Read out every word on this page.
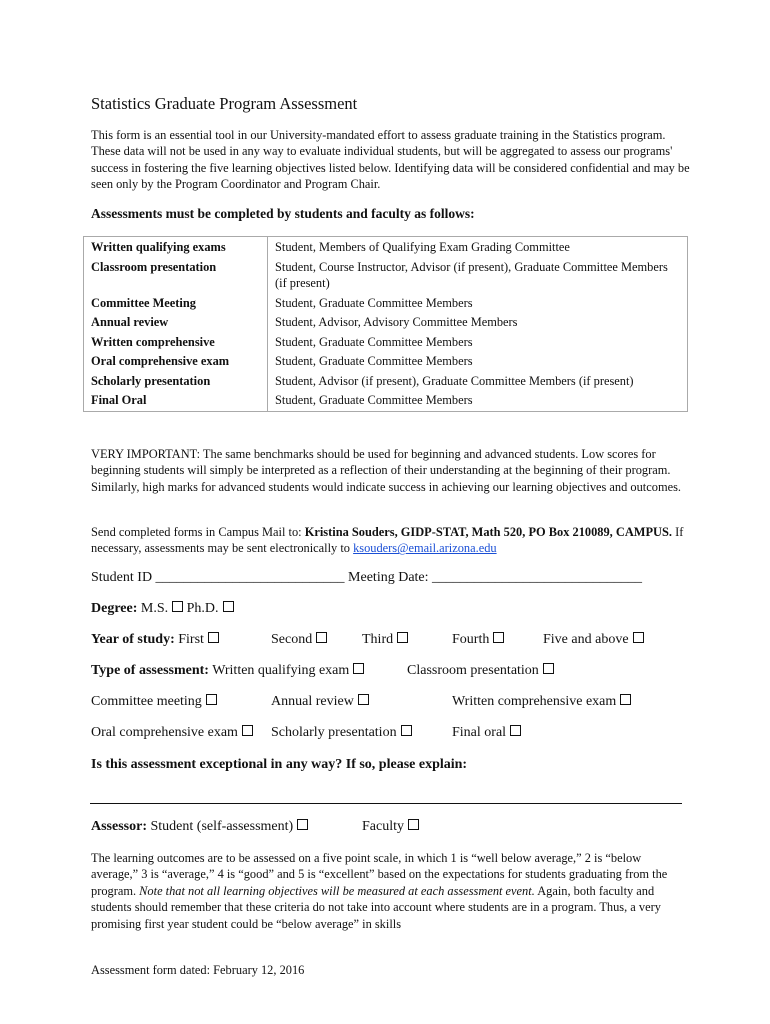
Statistics Graduate Program Assessment
This form is an essential tool in our University-mandated effort to assess graduate training in the Statistics program. These data will not be used in any way to evaluate individual students, but will be aggregated to assess our programs' success in fostering the five learning objectives listed below. Identifying data will be considered confidential and may be seen only by the Program Coordinator and Program Chair.
Assessments must be completed by students and faculty as follows:
Written qualifying exams	Student, Members of Qualifying Exam Grading Committee
Classroom presentation	Student, Course Instructor, Advisor (if present), Graduate Committee Members (if present)
Committee Meeting	Student, Graduate Committee Members
Annual review	Student, Advisor, Advisory Committee Members
Written comprehensive	Student, Graduate Committee Members
Oral comprehensive exam	Student, Graduate Committee Members
Scholarly presentation	Student, Advisor (if present), Graduate Committee Members (if present)
Final Oral	Student, Graduate Committee Members
VERY IMPORTANT: The same benchmarks should be used for beginning and advanced students. Low scores for beginning students will simply be interpreted as a reflection of their understanding at the beginning of their program. Similarly, high marks for advanced students would indicate success in achieving our learning objectives and outcomes.
Send completed forms in Campus Mail to: Kristina Souders, GIDP-STAT, Math 520, PO Box 210089, CAMPUS. If necessary, assessments may be sent electronically to ksouders@email.arizona.edu
Student ID ___________________________ Meeting Date: ______________________________
Degree: M.S. Ph.D.
Year of study: First	Second	Third	Fourth	Five and above
Type of assessment: Written qualifying exam	Classroom presentation
Committee meeting	Annual review	Written comprehensive exam
Oral comprehensive exam	Scholarly presentation	Final oral
Is this assessment exceptional in any way? If so, please explain:
Assessor: Student (self-assessment)	Faculty
The learning outcomes are to be assessed on a five point scale, in which 1 is “well below average,” 2 is “below average,” 3 is “average,” 4 is “good” and 5 is “excellent” based on the expectations for students graduating from the program. Note that not all learning objectives will be measured at each assessment event. Again, both faculty and students should remember that these criteria do not take into account where students are in a program. Thus, a very promising first year student could be “below average” in skills
Assessment form dated: February 12, 2016
